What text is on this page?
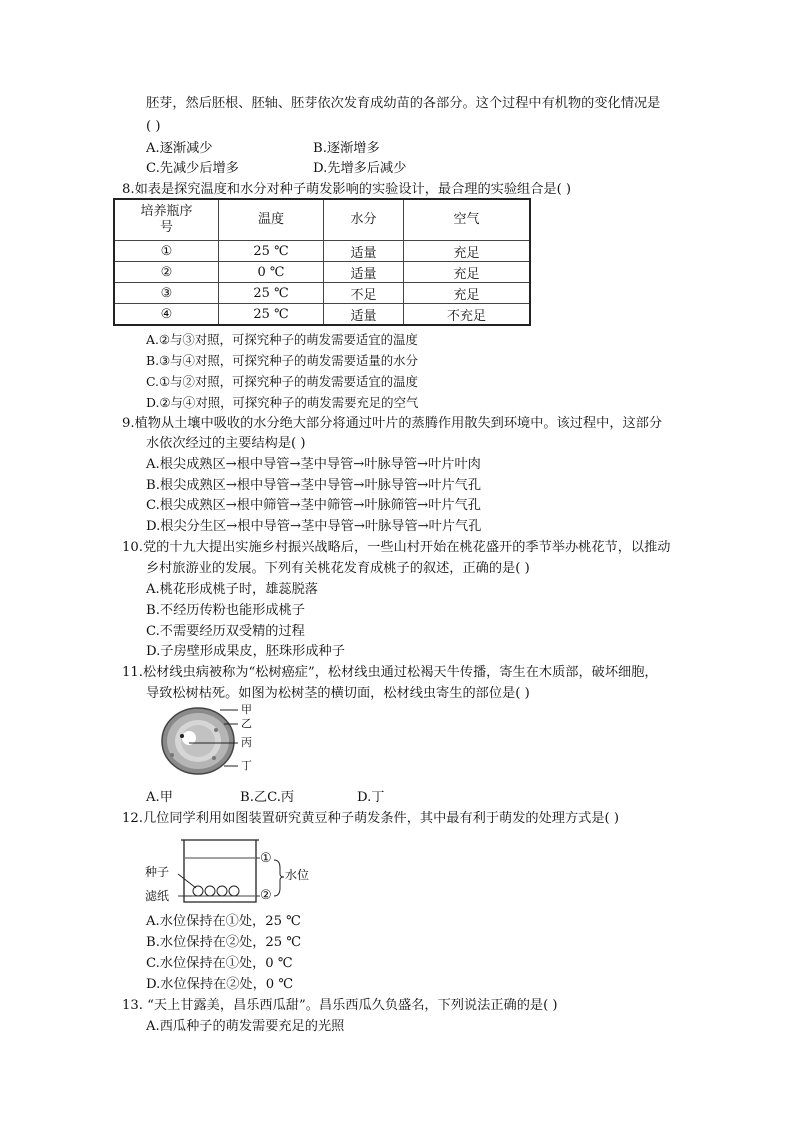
胚芽，然后胚根、胚轴、胚芽依次发育成幼苗的各部分。这个过程中有机物的变化情况是
( )
A.逐渐减少	B.逐渐增多
C.先减少后增多	D.先增多后减少
8.如表是探究温度和水分对种子萌发影响的实验设计，最合理的实验组合是( )
培养瓶序
号	温度	水分	空气
①	25 ℃	适量	充足
②	0 ℃	适量	充足
③	25 ℃	不足	充足
④	25 ℃	适量	不充足
A.②与③对照，可探究种子的萌发需要适宜的温度
B.③与④对照，可探究种子的萌发需要适量的水分
C.①与②对照，可探究种子的萌发需要适宜的温度
D.②与④对照，可探究种子的萌发需要充足的空气
9.植物从土壤中吸收的水分绝大部分将通过叶片的蒸腾作用散失到环境中。该过程中，这部分
水依次经过的主要结构是( )
A.根尖成熟区→根中导管→茎中导管→叶脉导管→叶片叶肉
B.根尖成熟区→根中导管→茎中导管→叶脉导管→叶片气孔
C.根尖成熟区→根中筛管→茎中筛管→叶脉筛管→叶片气孔
D.根尖分生区→根中导管→茎中导管→叶脉导管→叶片气孔
10.党的十九大提出实施乡村振兴战略后，一些山村开始在桃花盛开的季节举办桃花节，以推动
乡村旅游业的发展。下列有关桃花发育成桃子的叙述，正确的是( )
A.桃花形成桃子时，雄蕊脱落
B.不经历传粉也能形成桃子
C.不需要经历双受精的过程
D.子房壁形成果皮，胚珠形成种子
11.松材线虫病被称为“松树癌症”，松材线虫通过松褐天牛传播，寄生在木质部，破坏细胞，
导致松树枯死。如图为松树茎的横切面，松材线虫寄生的部位是( )
甲
乙
丙
丁
A.甲	B.乙C.丙	D.丁
12.几位同学利用如图装置研究黄豆种子萌发条件，其中最有利于萌发的处理方式是( )
种子
滤纸
①
②
水位
A.水位保持在①处，25 ℃
B.水位保持在②处，25 ℃
C.水位保持在①处，0 ℃
D.水位保持在②处，0 ℃
13. “天上甘露美，昌乐西瓜甜”。昌乐西瓜久负盛名，下列说法正确的是( )
A.西瓜种子的萌发需要充足的光照
